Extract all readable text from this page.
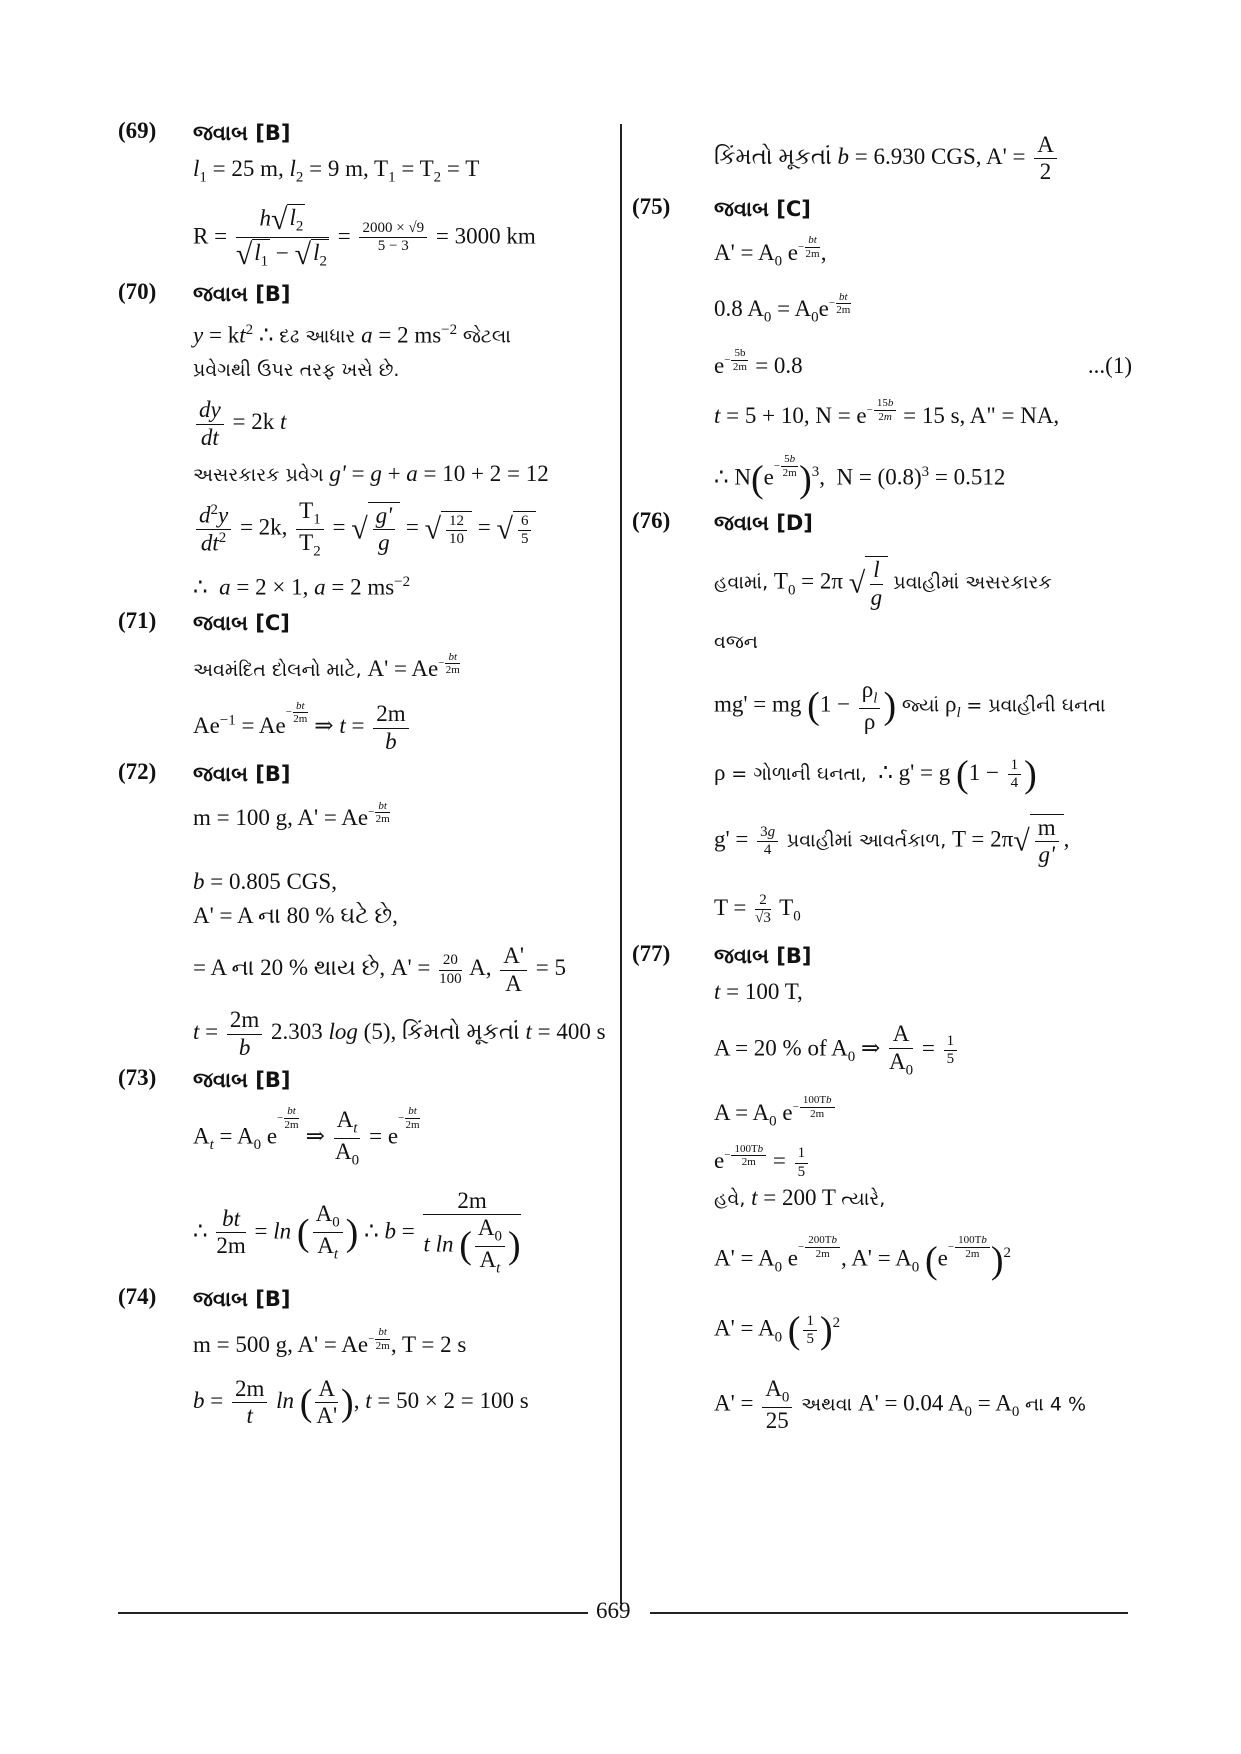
(69) જવાબ [B]
$l_1 = 25$ m, $l_2 = 9$ m, $T_1 = T_2 = T$
$R = \frac{h√l_2}{√l_1 - √l_2} = \frac{2000 \times √9}{5 - 3} = 3000$ km
(70) જવાબ [B]
$y = kt^2$ ∴ દઢ આધાર a = 2 $ms^{-2}$ જેટલા
પ્રવેગથી ઉપર તરફ ખસે છે.
$\frac{dy}{dt} = 2k$ t
અસરકારક પ્રવેગ g' = g + a = 10 + 2 = 12
$\frac{d^2y}{dt^2} = 2k$, $\frac{T_1}{T_2}$ = √ $\frac{g'}{g}$ = √ $\frac{12}{10}$ = √ $\frac{6}{5}$
∴  a = 2 × 1, a = 2 $ms^{-2}$
(71) જવાબ [C]
અવમંદિત દોલનો માટે, $A' = Ae- \frac{bt}{2m}$
$Ae^{-1} = Ae- \frac{bt}{2m}$
⇒ $t = \frac{2m}{b}$
(72) જવાબ [B]
m = 100 g, $A' = Ae- \frac{bt}{2m}$
b = 0.805 CGS,
A' = A ના 80 % ઘટે છે,
= A ના 20 % થાય છે, $A' = \frac{20}{100} A$, $\frac{A'}{A} = 5$
$t = \frac{2m}{b} 2.303$ log (5), કિંમતો મૂકતાં t = 400 s
(73) જવાબ [B]
$A_t = A_0$ $e- \frac{bt}{2m}$
⇒ $\frac{A_t}{A_0} = e- \frac{bt}{2m}$
∴ $\frac{bt}{2m} = \ln$ ( $\frac{A_0}{A_t}$ ) ∴ $b = \frac{2m}{t \ln ( \frac{A_0}{A_t} )}$
(74) જવાબ [B]
m = 500 g, $A' = Ae- \frac{bt}{2m}$ , T = 2 s
$b = \frac{2m}{t}$ ln ( $\frac{A}{A'}$ ), t = 50 × 2 = 100 s
કિંમતો મૂકતાં b = 6.930 CGS, $A' = \frac{A}{2}$
(75) જવાબ [C]
$A' = A_0$ $e- \frac{bt}{2m}$ ,
0.8 $A_0 = A_0e- \frac{bt}{2m}$
$e- \frac{5b}{2m} = 0.8$	...(1)
t = 5 + 10, $N = e- \frac{15b}{2m} = 15$ s, A" = NA,
∴ $N(e- \frac{5b}{2m} )^3$,  $N = (0.8)^3 = 0.512$
(76) જવાબ [D]
હવામાં, $T_0 = 2\pi$ √ $\frac{l}{g}$ પ્રવાહીમાં અસરકારક
વજન
mg' = mg ($1 - \frac{\rho_l}{\rho}$ ) જ્યાં $\rho_l$ = પ્રવાહીની ઘનતા
ρ = ગોળાની ઘનતા,  ∴ g' = g ($1 - \frac{1}{4}$ )
$g' = \frac{3g}{4}$ પ્રવાહીમાં આવર્તકાળ, $T = 2\pi√ \frac{m}{g'}$ ,
$T = \frac{2}{√3} T_0$
(77) જવાબ [B]
t = 100 T,
A = 20 % of $A_0$ ⇒ $\frac{A}{A_0} = \frac{1}{5}$
$A = A_0$ $e- \frac{100Tb}{2m}$
$e- \frac{100Tb}{2m} = \frac{1}{5}$
હવે, t = 200 T ત્યારે,
$A' = A_0$ $e- \frac{200Tb}{2m}$ , $A' = A_0$ $(e- \frac{100Tb}{2m} )^2$
$A' = A_0$ ( $\frac{1}{5} )^2$
$A' = \frac{A_0}{25}$ અથવા A' = 0.04 $A_0 = A_0$ ના 4 %
669
